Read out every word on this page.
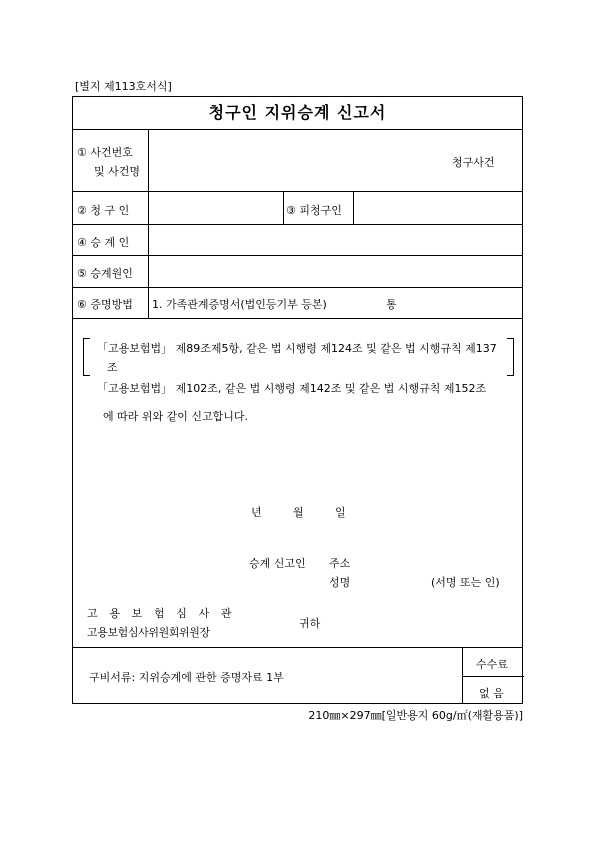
[별지 제113호서식]
청구인 지위승계 신고서
① 사건번호
및 사건명
청구사건
② 청 구 인	③ 피청구인
④ 승 계 인
⑤ 승계원인
⑥ 증명방법 1. 가족관계증명서(법인등기부 등본)	통
「고용보험법」 제89조제5항, 같은 법 시행령 제124조 및 같은 법 시행규칙 제137
조
「고용보험법」 제102조, 같은 법 시행령 제142조 및 같은 법 시행규칙 제152조
에 따라 위와 같이 신고합니다.
년	월	일
승계 신고인 주소
성명	(서명 또는 인)
고 용 보 험 심 사 관
고용보험심사위원회위원장
귀하
구비서류: 지위승계에 관한 증명자료 1부
수수료
없 음
210㎜×297㎜[일반용지 60g/㎡(재활용품)]
